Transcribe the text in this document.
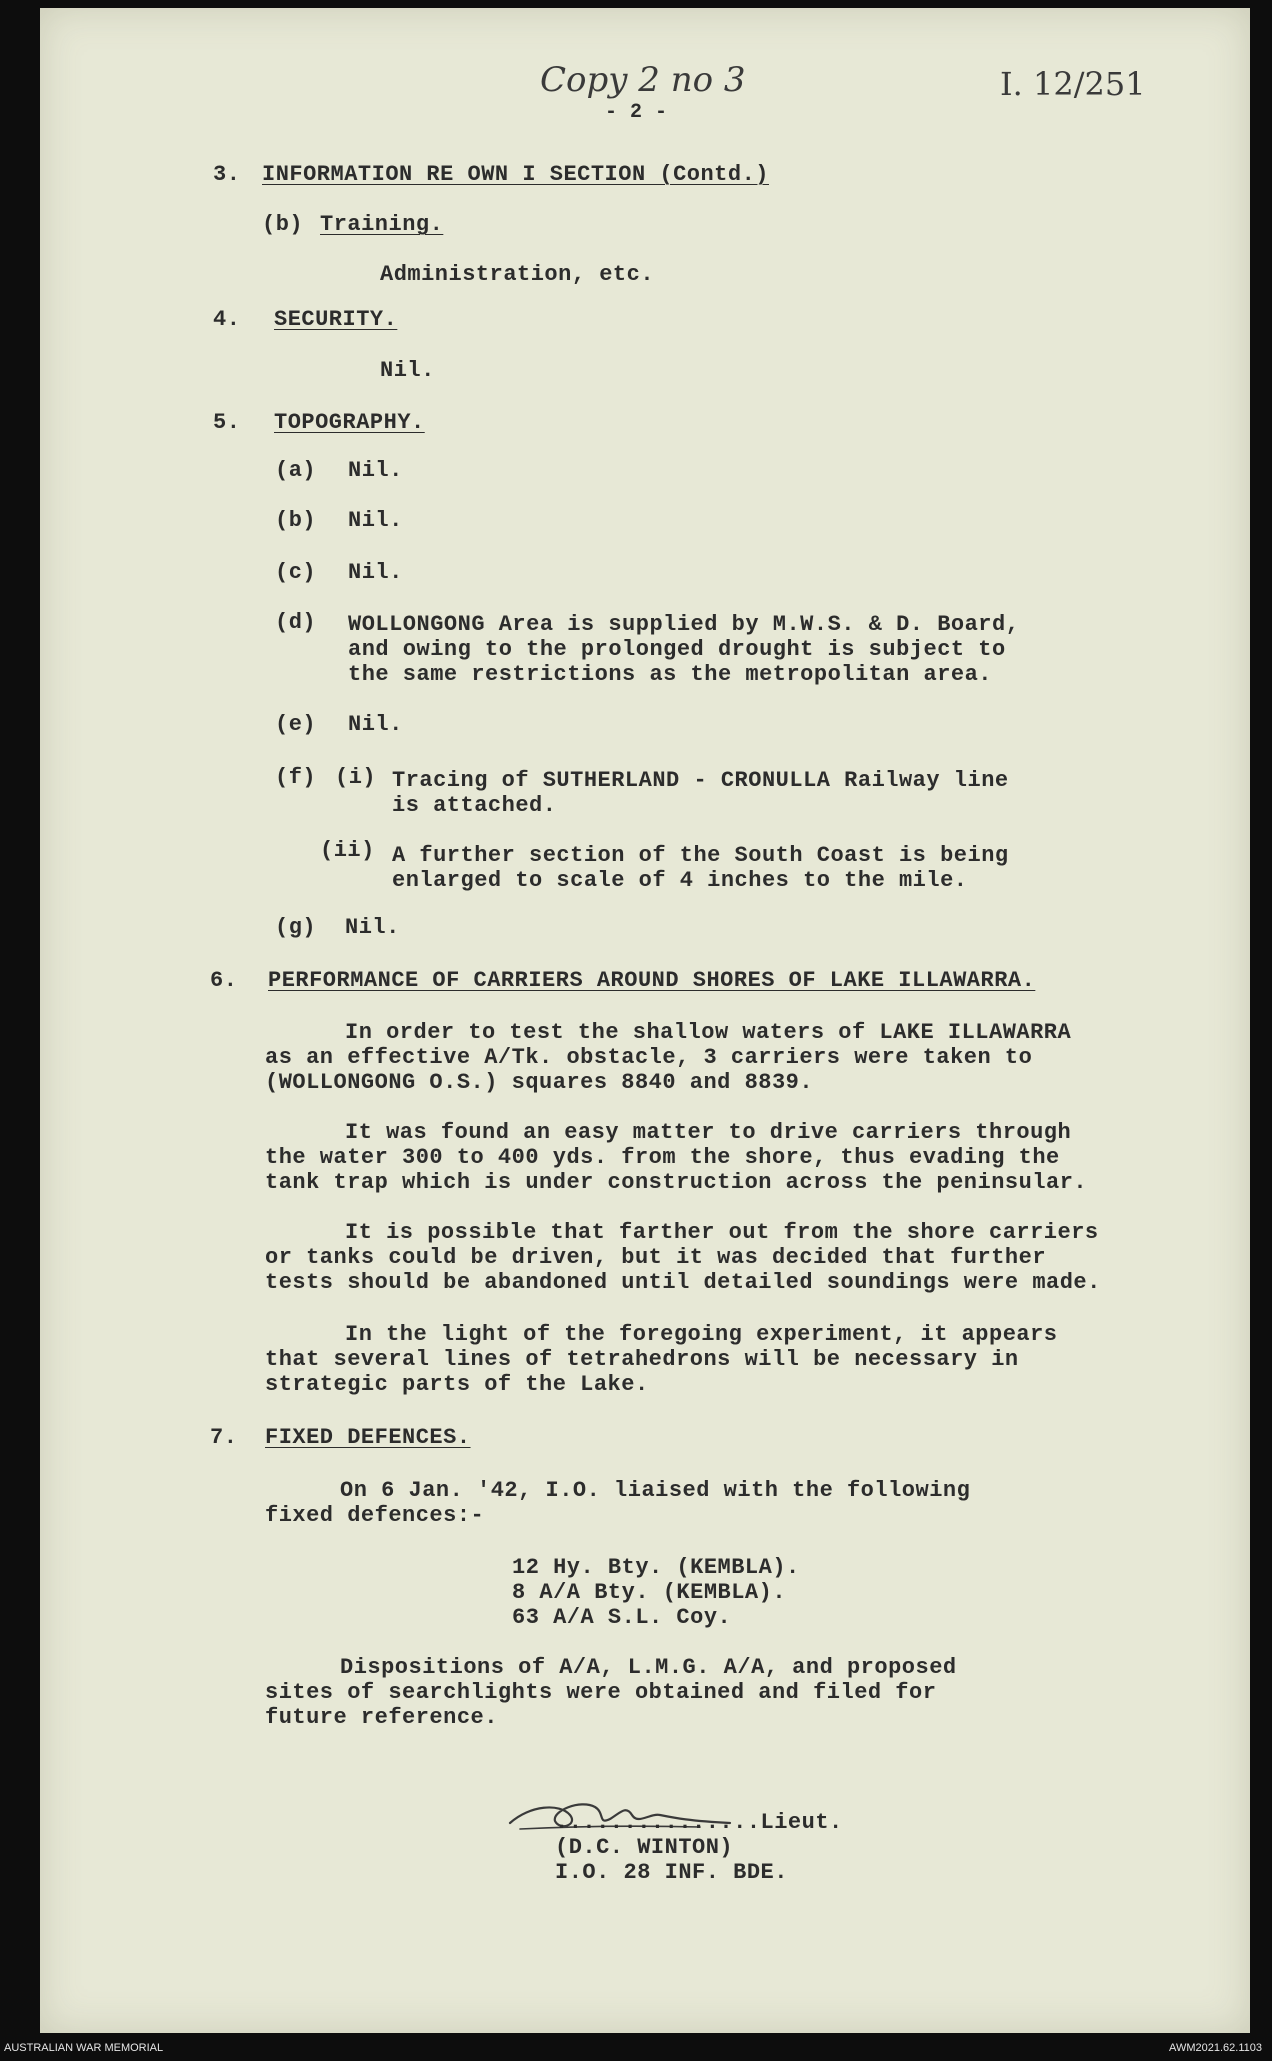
Copy 2 no 3
- 2 -
I. 12/251
3. INFORMATION RE OWN I SECTION (Contd.)
(b) Training.
Administration, etc.
4. SECURITY.
Nil.
5. TOPOGRAPHY.
(a) Nil.
(b) Nil.
(c) Nil.
(d) WOLLONGONG Area is supplied by M.W.S. & D. Board,
and owing to the prolonged drought is subject to
the same restrictions as the metropolitan area.
(e) Nil.
(f) (i) Tracing of SUTHERLAND - CRONULLA Railway line
is attached.
(ii) A further section of the South Coast is being
enlarged to scale of 4 inches to the mile.
(g) Nil.
6. PERFORMANCE OF CARRIERS AROUND SHORES OF LAKE ILLAWARRA.
In order to test the shallow waters of LAKE ILLAWARRA
as an effective A/Tk. obstacle, 3 carriers were taken to
(WOLLONGONG O.S.) squares 8840 and 8839.
It was found an easy matter to drive carriers through
the water 300 to 400 yds. from the shore, thus evading the
tank trap which is under construction across the peninsular.
It is possible that farther out from the shore carriers
or tanks could be driven, but it was decided that further
tests should be abandoned until detailed soundings were made.
In the light of the foregoing experiment, it appears
that several lines of tetrahedrons will be necessary in
strategic parts of the Lake.
7. FIXED DEFENCES.
On 6 Jan. '42, I.O. liaised with the following
fixed defences:-
12 Hy. Bty. (KEMBLA).
8 A/A Bty. (KEMBLA).
63 A/A S.L. Coy.
Dispositions of A/A, L.M.G. A/A, and proposed
sites of searchlights were obtained and filed for
future reference.
...............Lieut.
(D.C. WINTON)
I.O. 28 INF. BDE.
AUSTRALIAN WAR MEMORIAL	AWM2021.62.1103
